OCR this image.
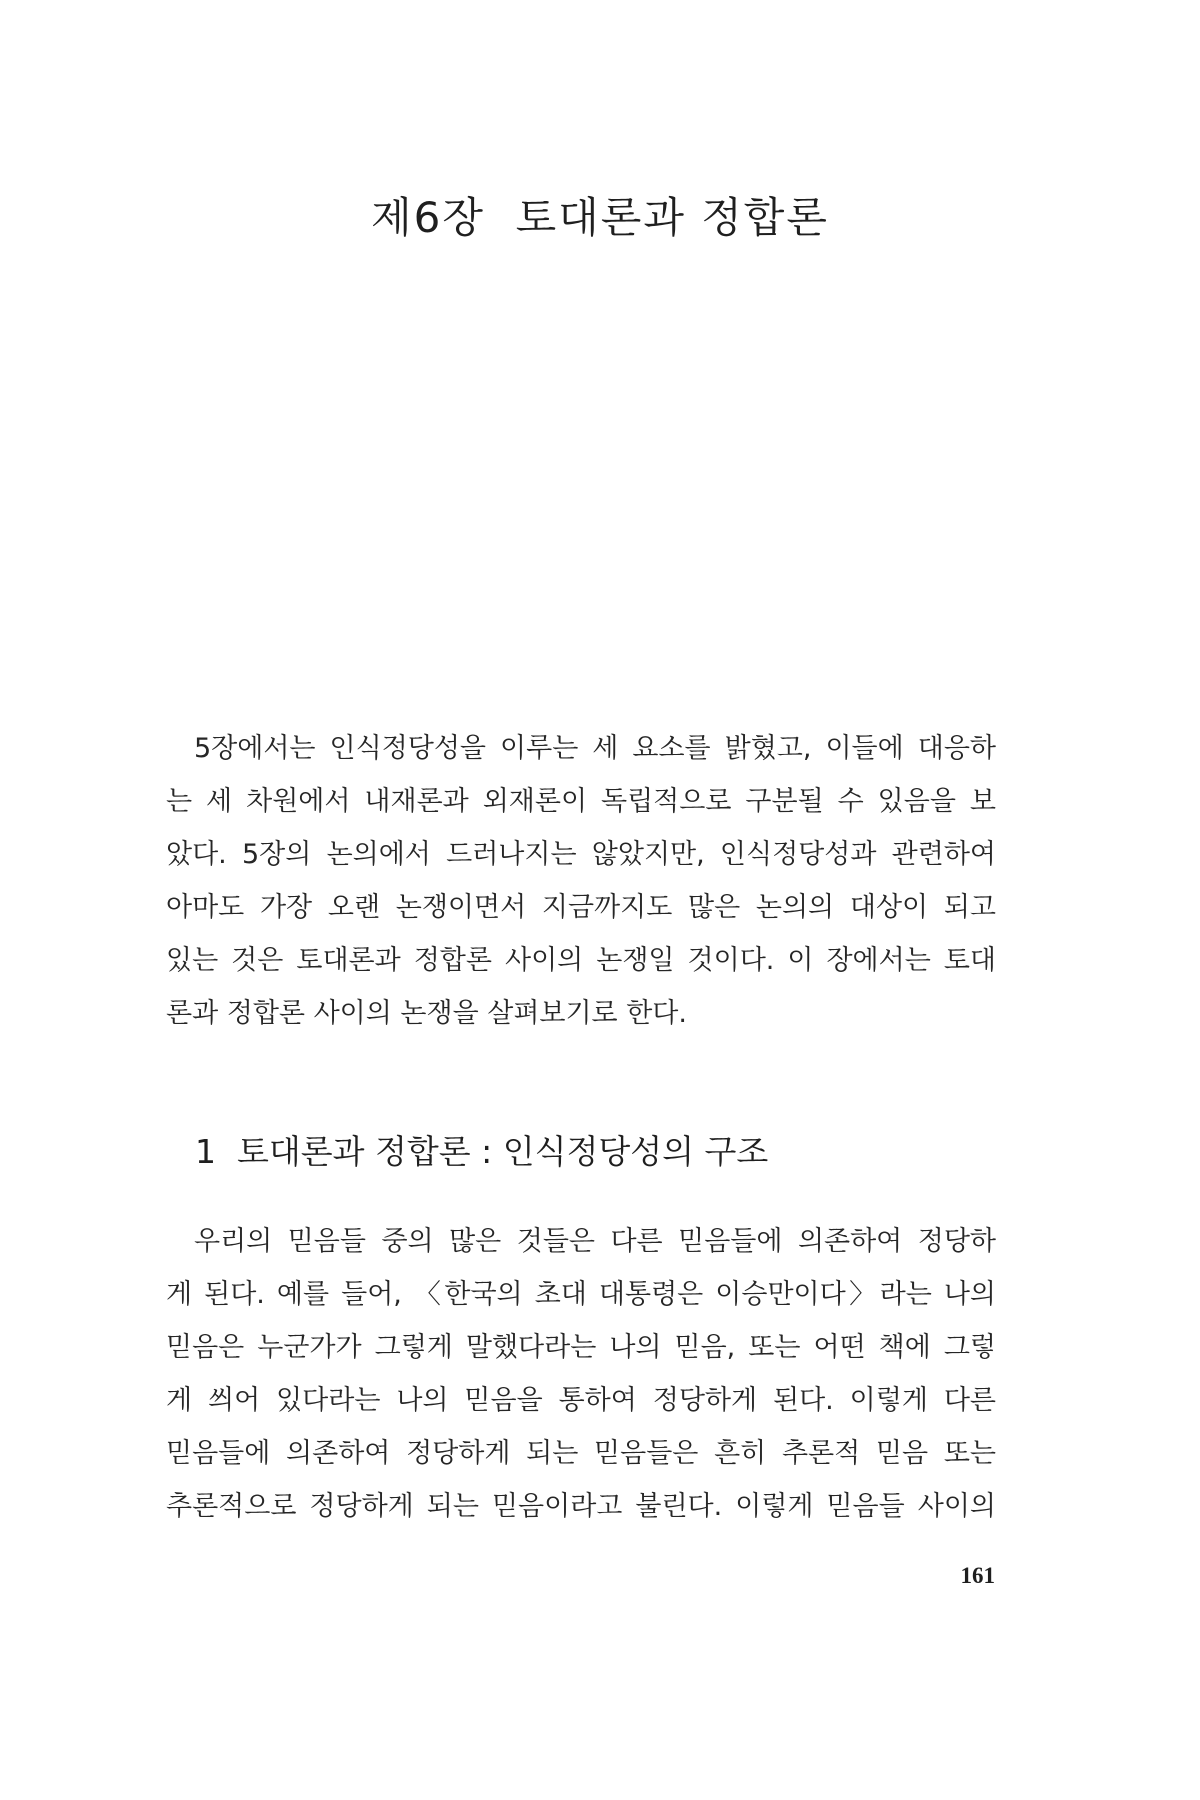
제6장  토대론과 정합론
5장에서는 인식정당성을 이루는 세 요소를 밝혔고, 이들에 대응하
는 세 차원에서 내재론과 외재론이 독립적으로 구분될 수 있음을 보
았다. 5장의 논의에서 드러나지는 않았지만, 인식정당성과 관련하여
아마도 가장 오랜 논쟁이면서 지금까지도 많은 논의의 대상이 되고
있는 것은 토대론과 정합론 사이의 논쟁일 것이다. 이 장에서는 토대
론과 정합론 사이의 논쟁을 살펴보기로 한다.
1  토대론과 정합론 : 인식정당성의 구조
우리의 믿음들 중의 많은 것들은 다른 믿음들에 의존하여 정당하
게 된다. 예를 들어, 〈한국의 초대 대통령은 이승만이다〉라는 나의
믿음은 누군가가 그렇게 말했다라는 나의 믿음, 또는 어떤 책에 그렇
게 씌어 있다라는 나의 믿음을 통하여 정당하게 된다. 이렇게 다른
믿음들에 의존하여 정당하게 되는 믿음들은 흔히 추론적 믿음 또는
추론적으로 정당하게 되는 믿음이라고 불린다. 이렇게 믿음들 사이의
161
